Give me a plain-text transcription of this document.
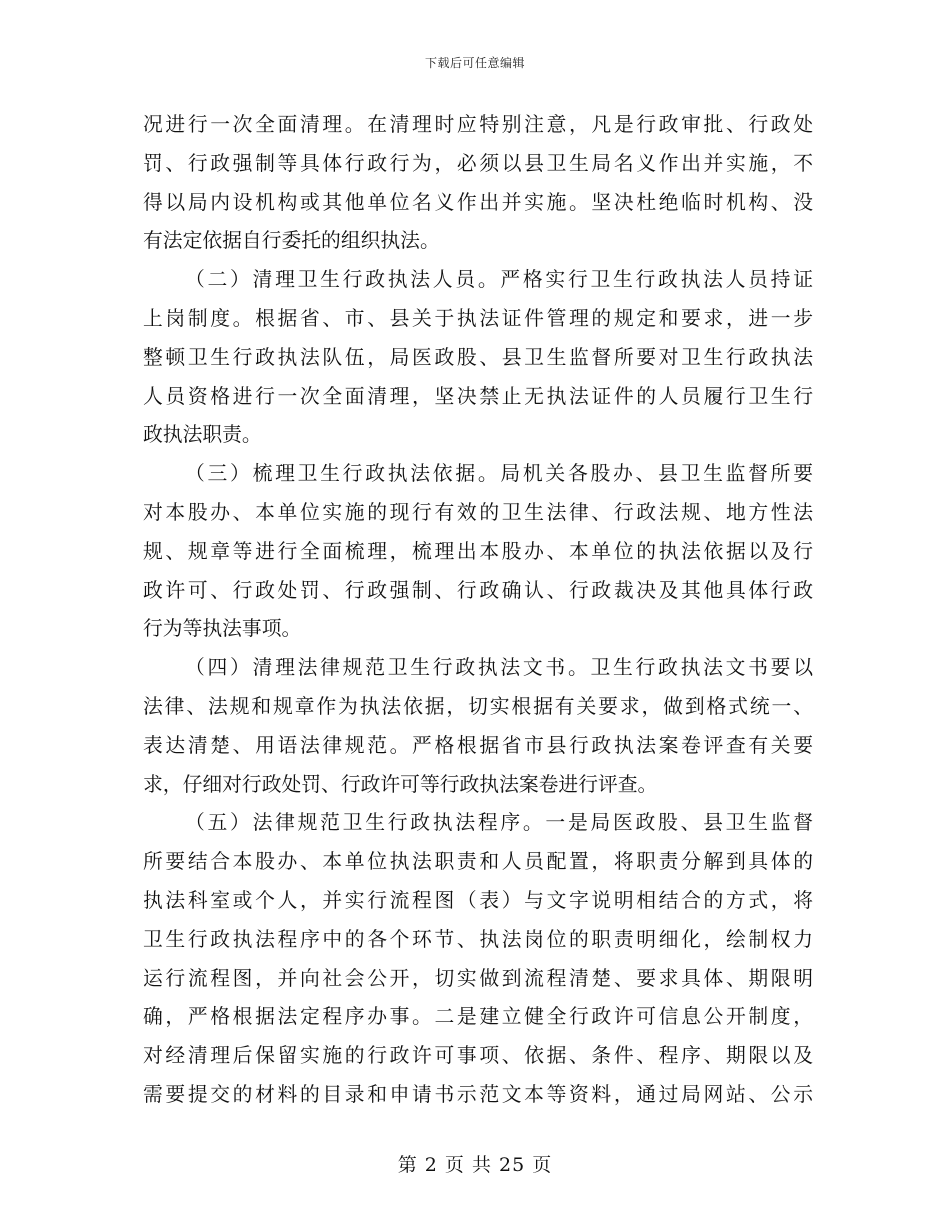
下载后可任意编辑
况进行一次全面清理。在清理时应特别注意，凡是行政审批、行政处
罚、行政强制等具体行政行为，必须以县卫生局名义作出并实施，不
得以局内设机构或其他单位名义作出并实施。坚决杜绝临时机构、没
有法定依据自行委托的组织执法。
（二）清理卫生行政执法人员。严格实行卫生行政执法人员持证
上岗制度。根据省、市、县关于执法证件管理的规定和要求，进一步
整顿卫生行政执法队伍，局医政股、县卫生监督所要对卫生行政执法
人员资格进行一次全面清理，坚决禁止无执法证件的人员履行卫生行
政执法职责。
（三）梳理卫生行政执法依据。局机关各股办、县卫生监督所要
对本股办、本单位实施的现行有效的卫生法律、行政法规、地方性法
规、规章等进行全面梳理，梳理出本股办、本单位的执法依据以及行
政许可、行政处罚、行政强制、行政确认、行政裁决及其他具体行政
行为等执法事项。
（四）清理法律规范卫生行政执法文书。卫生行政执法文书要以
法律、法规和规章作为执法依据，切实根据有关要求，做到格式统一、
表达清楚、用语法律规范。严格根据省市县行政执法案卷评查有关要
求，仔细对行政处罚、行政许可等行政执法案卷进行评查。
（五）法律规范卫生行政执法程序。一是局医政股、县卫生监督
所要结合本股办、本单位执法职责和人员配置，将职责分解到具体的
执法科室或个人，并实行流程图（表）与文字说明相结合的方式，将
卫生行政执法程序中的各个环节、执法岗位的职责明细化，绘制权力
运行流程图，并向社会公开，切实做到流程清楚、要求具体、期限明
确，严格根据法定程序办事。二是建立健全行政许可信息公开制度，
对经清理后保留实施的行政许可事项、依据、条件、程序、期限以及
需要提交的材料的目录和申请书示范文本等资料，通过局网站、公示
第 2 页 共 25 页
